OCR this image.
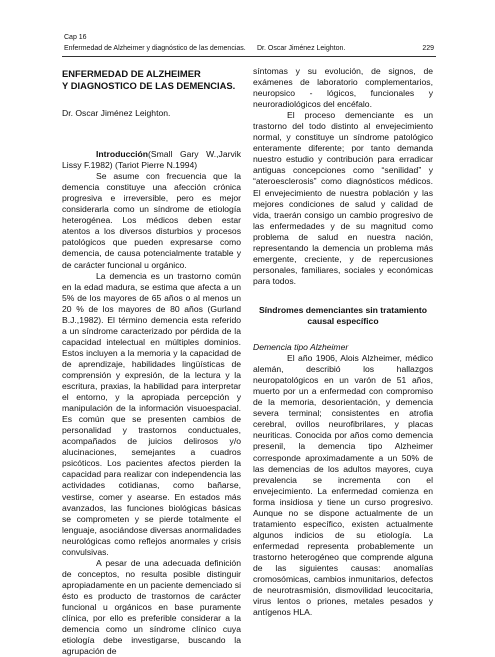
Cap 16
Enfermedad de Alzheimer y diagnóstico de las demencias. Dr. Oscar Jiménez Leighton.	229

ENFERMEDAD DE ALZHEIMER

Y DIAGNOSTICO DE LAS DEMENCIAS.

Dr. Oscar Jiménez Leighton.

Introducción(Small Gary W.,Jarvik Lissy F.1982) (Tariot Pierre N.1994)

Se asume con frecuencia que la demencia constituye una afección crónica progresiva e irreversible, pero es mejor considerarla como un síndrome de etiología heterogénea. Los médicos deben estar atentos a los diversos disturbios y procesos patológicos que pueden expresarse como demencia, de causa potencialmente tratable y de carácter funcional u orgánico.

La demencia es un trastorno común en la edad madura, se estima que afecta a un 5% de los mayores de 65 años o al menos un 20 % de los mayores de 80 años (Gurland B.J.,1982). El término demencia esta referido a un síndrome caracterizado por pérdida de la capacidad intelectual en múltiples dominios. Estos incluyen a la memoria y la capacidad de de aprendizaje, habilidades lingüísticas de comprensión y expresión, de la lectura y la escritura, praxias, la habilidad para interpretar el entorno, y la apropiada percepción y manipulación de la información visuoespacial. Es común que se presenten cambios de personalidad y trastornos conductuales, acompañados de juicios delirosos y/o alucinaciones, semejantes a cuadros psicóticos. Los pacientes afectos pierden la capacidad para realizar con independencia las actividades cotidianas, como bañarse, vestirse, comer y asearse. En estados más avanzados, las funciones biológicas básicas se comprometen y se pierde totalmente el lenguaje, asociándose diversas anormalidades neurológicas como reflejos anormales y crisis convulsivas.

A pesar de una adecuada definición de conceptos, no resulta posible distinguir apropiadamente en un paciente demenciado si ésto es producto de trastornos de carácter funcional u orgánicos en base puramente clínica, por ello es preferible considerar a la demencia como un síndrome clínico cuya etiología debe investigarse, buscando la agrupación de

síntomas y su evolución, de signos, de exámenes de laboratorio complementarios, neuropsico - lógicos, funcionales y neuroradiológicos del encéfalo.

El proceso demenciante es un trastorno del todo distinto al envejecimiento normal, y constituye un síndrome patológico enteramente diferente; por tanto demanda nuestro estudio y contribución para erradicar antiguas concepciones como “senilidad” y “ateroesclerosis” como diagnósticos médicos. El envejecimiento de nuestra población y las mejores condiciones de salud y calidad de vida, traerán consigo un cambio progresivo de las enfermedades y de su magnitud como problema de salud en nuestra nación, representando la demencia un problema más emergente, creciente, y de repercusiones personales, familiares, sociales y económicas para todos.

Síndromes demenciantes sin tratamiento causal específico

Demencia tipo Alzheimer

El año 1906, Alois Alzheimer, médico alemán, describió los hallazgos neuropatológicos en un varón de 51 años, muerto por un a enfermedad con compromiso de la memoria, desorientación, y demencia severa terminal; consistentes en atrofia cerebral, ovillos neurofibrilares, y placas neuriticas. Conocida por años como demencia presenil, la demencia tipo Alzheimer corresponde aproximadamente a un 50% de las demencias de los adultos mayores, cuya prevalencia se incrementa con el envejecimiento. La enfermedad comienza en forma insidiosa y tiene un curso progresivo. Aunque no se dispone actualmente de un tratamiento específico, existen actualmente algunos indicios de su etiología. La enfermedad representa probablemente un trastorno heterogéneo que comprende alguna de las siguientes causas: anomalías cromosómicas, cambios inmunitarios, defectos de neurotrasmisión, dismovilidad leucocitaria, virus lentos o priones, metales pesados y antígenos HLA.
